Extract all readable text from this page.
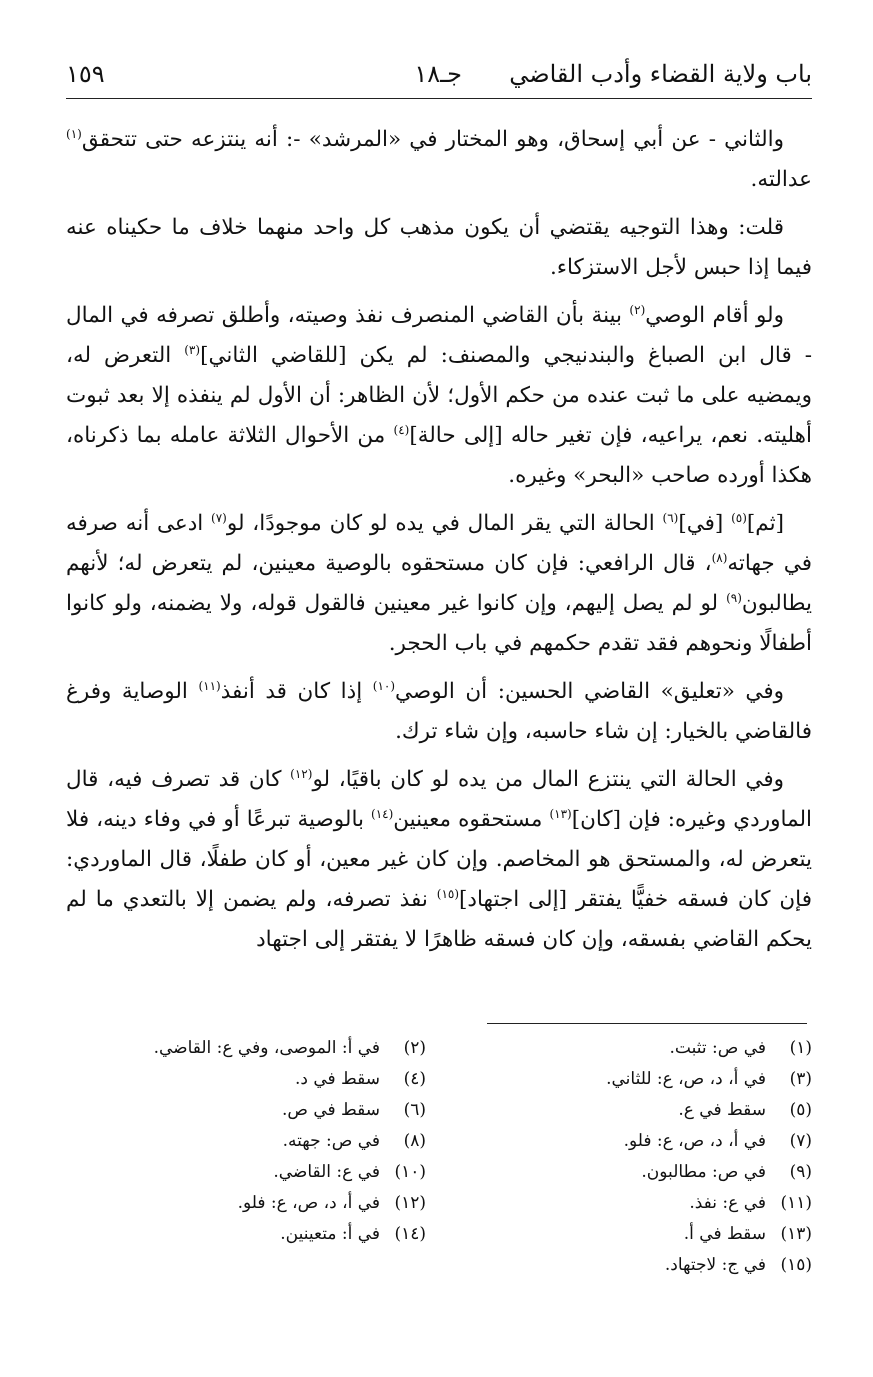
باب ولاية القضاء وأدب القاضي
جـ١٨
١٥٩

والثاني - عن أبي إسحاق، وهو المختار في «المرشد» -: أنه ينتزعه حتى تتحقق$^{(١)}$ عدالته.

قلت: وهذا التوجيه يقتضي أن يكون مذهب كل واحد منهما خلاف ما حكيناه عنه فيما إذا حبس لأجل الاستزكاء.

ولو أقام الوصي$^{(٢)}$ بينة بأن القاضي المنصرف نفذ وصيته، وأطلق تصرفه في المال - قال ابن الصباغ والبندنيجي والمصنف: لم يكن [للقاضي الثاني]$^{(٣)}$ التعرض له، ويمضيه على ما ثبت عنده من حكم الأول؛ لأن الظاهر: أن الأول لم ينفذه إلا بعد ثبوت أهليته. نعم، يراعيه، فإن تغير حاله [إلى حالة]$^{(٤)}$ من الأحوال الثلاثة عامله بما ذكرناه، هكذا أورده صاحب «البحر» وغيره.

[ثم]$^{(٥)}$ [في]$^{(٦)}$ الحالة التي يقر المال في يده لو كان موجودًا، لو$^{(٧)}$ ادعى أنه صرفه في جهاته$^{(٨)}$، قال الرافعي: فإن كان مستحقوه بالوصية معينين، لم يتعرض له؛ لأنهم يطالبون$^{(٩)}$ لو لم يصل إليهم، وإن كانوا غير معينين فالقول قوله، ولا يضمنه، ولو كانوا أطفالًا ونحوهم فقد تقدم حكمهم في باب الحجر.

وفي «تعليق» القاضي الحسين: أن الوصي$^{(١٠)}$ إذا كان قد أنفذ$^{(١١)}$ الوصاية وفرغ فالقاضي بالخيار: إن شاء حاسبه، وإن شاء ترك.

وفي الحالة التي ينتزع المال من يده لو كان باقيًا، لو$^{(١٢)}$ كان قد تصرف فيه، قال الماوردي وغيره: فإن [كان]$^{(١٣)}$ مستحقوه معينين$^{(١٤)}$ بالوصية تبرعًا أو في وفاء دينه، فلا يتعرض له، والمستحق هو المخاصم. وإن كان غير معين، أو كان طفلًا، قال الماوردي: فإن كان فسقه خفيًّا يفتقر [إلى اجتهاد]$^{(١٥)}$ نفذ تصرفه، ولم يضمن إلا بالتعدي ما لم يحكم القاضي بفسقه، وإن كان فسقه ظاهرًا لا يفتقر إلى اجتهاد

(١)في ص: تثبت.
(٣)في أ، د، ص، ع: للثاني.
(٥)سقط في ع.
(٧)في أ، د، ص، ع: فلو.
(٩)في ص: مطالبون.
(١١)في ع: نفذ.
(١٣)سقط في أ.
(١٥)في ج: لاجتهاد.
(٢)في أ: الموصى، وفي ع: القاضي.
(٤)سقط في د.
(٦)سقط في ص.
(٨)في ص: جهته.
(١٠)في ع: القاضي.
(١٢)في أ، د، ص، ع: فلو.
(١٤)في أ: متعينين.
